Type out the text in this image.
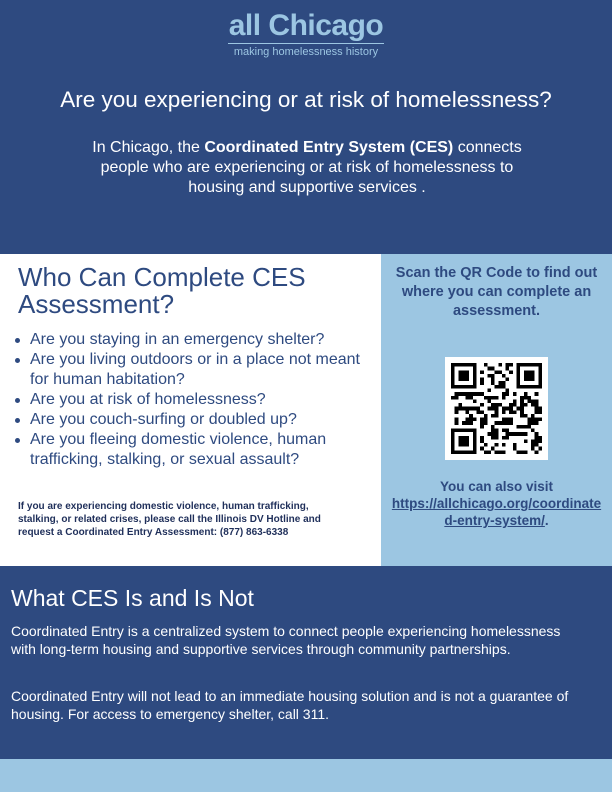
all Chicago
making homelessness history
Are you experiencing or at risk of homelessness?
In Chicago, the Coordinated Entry System (CES) connects people who are experiencing or at risk of homelessness to housing and supportive services .
Who Can Complete CES Assessment?
Are you staying in an emergency shelter?
Are you living outdoors or in a place not meant for human habitation?
Are you at risk of homelessness?
Are you couch-surfing or doubled up?
Are you fleeing domestic violence, human trafficking, stalking, or sexual assault?
If you are experiencing domestic violence, human trafficking, stalking, or related crises, please call the Illinois DV Hotline and request a Coordinated Entry Assessment: (877) 863-6338
Scan the QR Code to find out where you can complete an assessment.
You can also visit
https://allchicago.org/coordinated-entry-system/.
What CES Is and Is Not
Coordinated Entry is a centralized system to connect people experiencing homelessness with long-term housing and supportive services through community partnerships.
Coordinated Entry will not lead to an immediate housing solution and is not a guarantee of housing. For access to emergency shelter, call 311.
